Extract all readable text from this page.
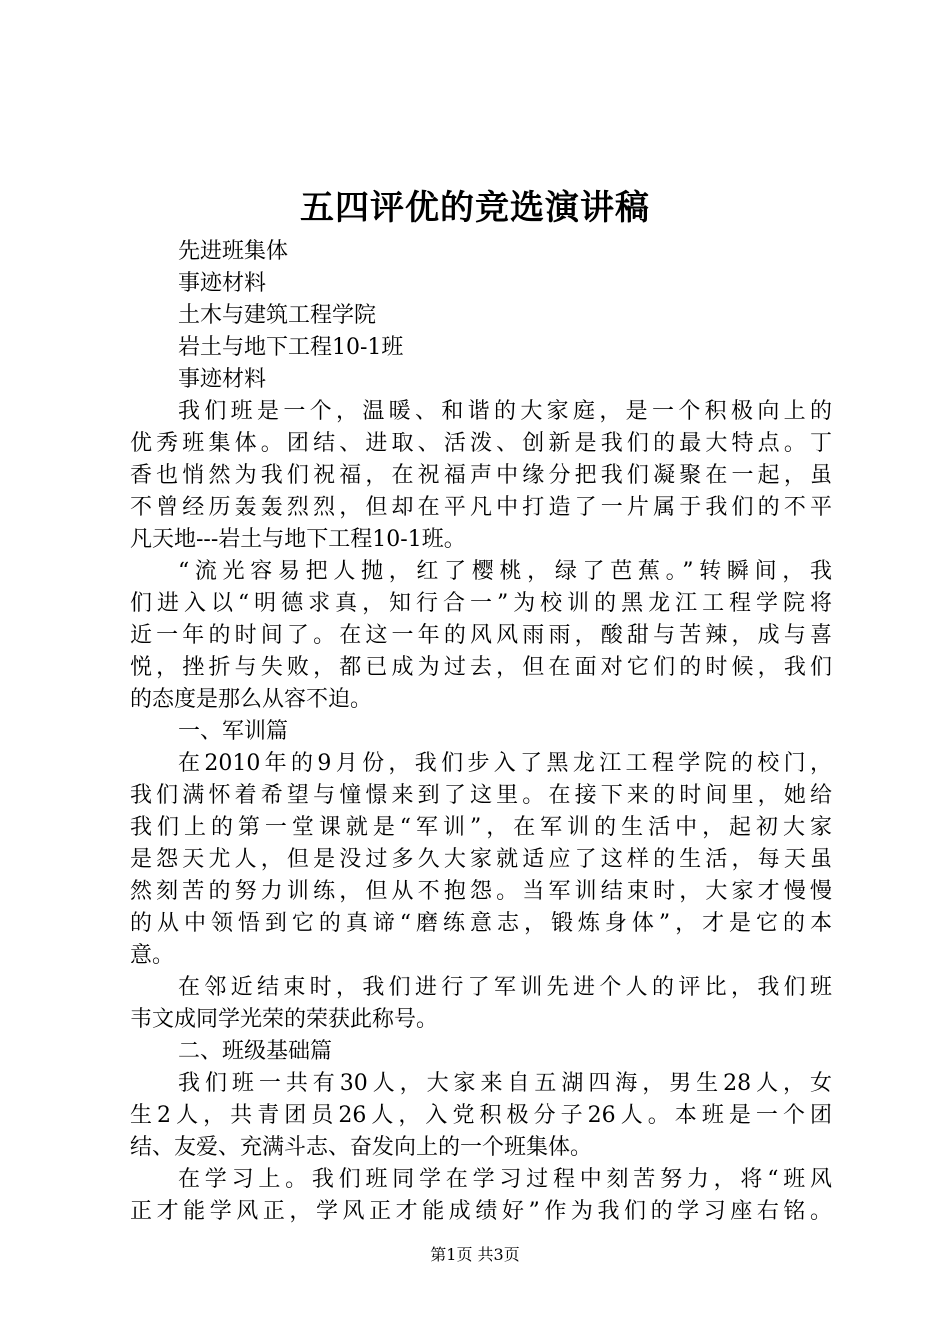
五四评优的竞选演讲稿
先进班集体
事迹材料
土木与建筑工程学院
岩土与地下工程10-1班
事迹材料
我们班是一个，温暖、和谐的大家庭，是一个积极向上的
优秀班集体。团结、进取、活泼、创新是我们的最大特点。丁
香也悄然为我们祝福，在祝福声中缘分把我们凝聚在一起，虽
不曾经历轰轰烈烈，但却在平凡中打造了一片属于我们的不平
凡天地---岩土与地下工程10-1班。
“流光容易把人抛，红了樱桃，绿了芭蕉。”转瞬间，我
们进入以“明德求真，知行合一”为校训的黑龙江工程学院将
近一年的时间了。在这一年的风风雨雨，酸甜与苦辣，成与喜
悦，挫折与失败，都已成为过去，但在面对它们的时候，我们
的态度是那么从容不迫。
一、军训篇
在2010年的9月份，我们步入了黑龙江工程学院的校门，
我们满怀着希望与憧憬来到了这里。在接下来的时间里，她给
我们上的第一堂课就是“军训”，在军训的生活中，起初大家
是怨天尤人，但是没过多久大家就适应了这样的生活，每天虽
然刻苦的努力训练，但从不抱怨。当军训结束时，大家才慢慢
的从中领悟到它的真谛“磨练意志，锻炼身体”，才是它的本
意。
在邻近结束时，我们进行了军训先进个人的评比，我们班
韦文成同学光荣的荣获此称号。
二、班级基础篇
我们班一共有30人，大家来自五湖四海，男生28人，女
生2人，共青团员26人，入党积极分子26人。本班是一个团
结、友爱、充满斗志、奋发向上的一个班集体。
在学习上。我们班同学在学习过程中刻苦努力，将“班风
正才能学风正，学风正才能成绩好”作为我们的学习座右铭。
第1页 共3页
